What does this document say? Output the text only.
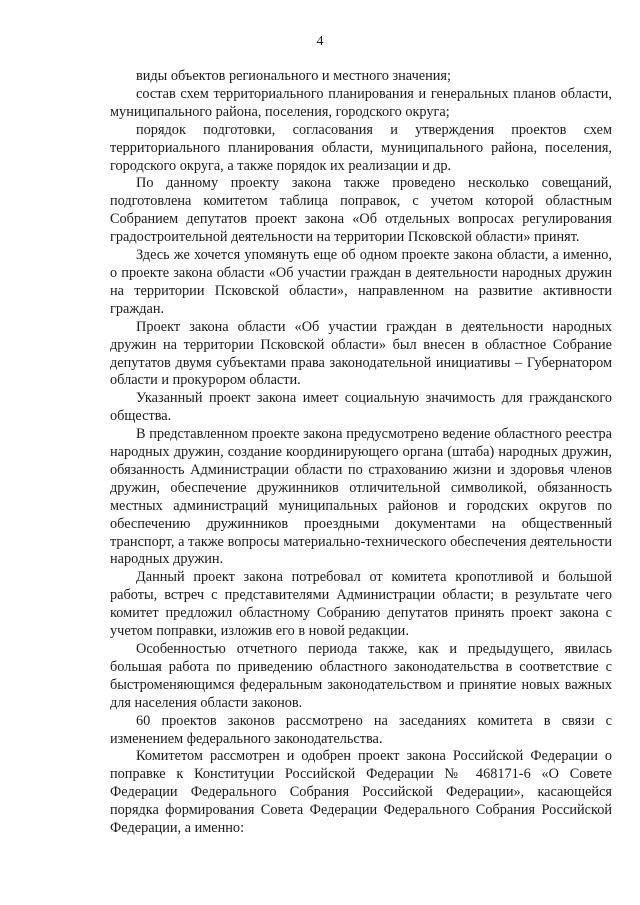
4

виды объектов регионального и местного значения;

состав схем территориального планирования и генеральных планов области, муниципального района, поселения, городского округа;

порядок подготовки, согласования и утверждения проектов схем территориального планирования области, муниципального района, поселения, городского округа, а также порядок их реализации и др.

По данному проекту закона также проведено несколько совещаний, подготовлена комитетом таблица поправок, с учетом которой областным Собранием депутатов проект закона «Об отдельных вопросах регулирования градостроительной деятельности на территории Псковской области» принят.

Здесь же хочется упомянуть еще об одном проекте закона области, а именно, о проекте закона области «Об участии граждан в деятельности народных дружин на территории Псковской области», направленном на развитие активности граждан.

Проект закона области «Об участии граждан в деятельности народных дружин на территории Псковской области» был внесен в областное Собрание депутатов двумя субъектами права законодательной инициативы – Губернатором области и прокурором области.

Указанный проект закона имеет социальную значимость для гражданского общества.

В представленном проекте закона предусмотрено ведение областного реестра народных дружин, создание координирующего органа (штаба) народных дружин, обязанность Администрации области по страхованию жизни и здоровья членов дружин, обеспечение дружинников отличительной символикой, обязанность местных администраций муниципальных районов и городских округов по обеспечению дружинников проездными документами на общественный транспорт, а также вопросы материально-технического обеспечения деятельности народных дружин.

Данный проект закона потребовал от комитета кропотливой и большой работы, встреч с представителями Администрации области; в результате чего комитет предложил областному Собранию депутатов принять проект закона с учетом поправки, изложив его в новой редакции.

Особенностью отчетного периода также, как и предыдущего, явилась большая работа по приведению областного законодательства в соответствие с быстроменяющимся федеральным законодательством и принятие новых важных для населения области законов.

60 проектов законов рассмотрено на заседаниях комитета в связи с изменением федерального законодательства.

Комитетом рассмотрен и одобрен проект закона Российской Федерации о поправке к Конституции Российской Федерации № 468171-6 «О Совете Федерации Федерального Собрания Российской Федерации», касающейся порядка формирования Совета Федерации Федерального Собрания Российской Федерации, а именно:
